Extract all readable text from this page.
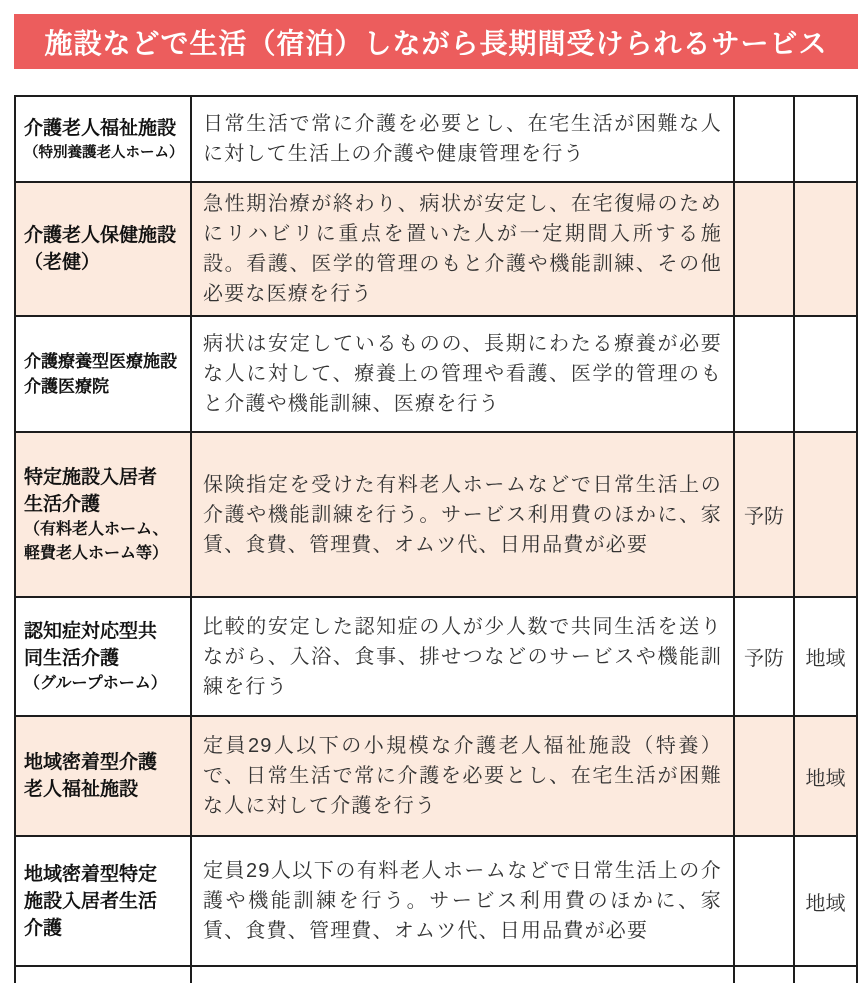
施設などで生活（宿泊）しながら長期間受けられるサービス
介護老人福祉施設
（特別養護老人ホーム）	日常生活で常に介護を必要とし、在宅生活が困難な人に対して生活上の介護や健康管理を行う		

介護老人保健施設
（老健）	急性期治療が終わり、病状が安定し、在宅復帰のためにリハビリに重点を置いた人が一定期間入所する施設。看護、医学的管理のもと介護や機能訓練、その他必要な医療を行う		

介護療養型医療施設
介護医療院	病状は安定しているものの、長期にわたる療養が必要な人に対して、療養上の管理や看護、医学的管理のもと介護や機能訓練、医療を行う		

特定施設入居者
生活介護
（有料老人ホーム、
軽費老人ホーム等）	保険指定を受けた有料老人ホームなどで日常生活上の介護や機能訓練を行う。サービス利用費のほかに、家賃、食費、管理費、オムツ代、日用品費が必要	予防	

認知症対応型共
同生活介護
（グループホーム）	比較的安定した認知症の人が少人数で共同生活を送りながら、入浴、食事、排せつなどのサービスや機能訓練を行う	予防	地域

地域密着型介護
老人福祉施設	定員29人以下の小規模な介護老人福祉施設（特養）で、日常生活で常に介護を必要とし、在宅生活が困難な人に対して介護を行う		地域

地域密着型特定
施設入居者生活
介護	定員29人以下の有料老人ホームなどで日常生活上の介護や機能訓練を行う。サービス利用費のほかに、家賃、食費、管理費、オムツ代、日用品費が必要		地域
